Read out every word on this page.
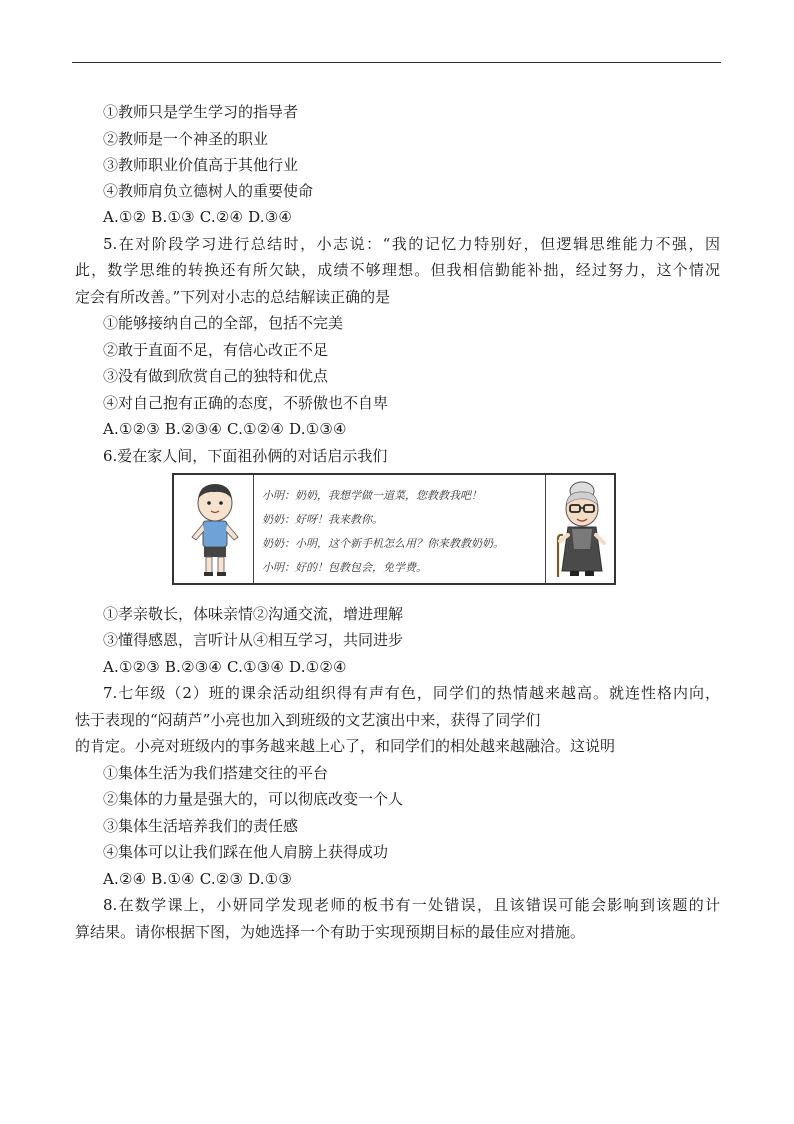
①教师只是学生学习的指导者
②教师是一个神圣的职业
③教师职业价值高于其他行业
④教师肩负立德树人的重要使命
A.①② B.①③ C.②④ D.③④
5.在对阶段学习进行总结时，小志说：“我的记忆力特别好，但逻辑思维能力不强，因
此，数学思维的转换还有所欠缺，成绩不够理想。但我相信勤能补拙，经过努力，这个情况
定会有所改善。”下列对小志的总结解读正确的是
①能够接纳自己的全部，包括不完美
②敢于直面不足，有信心改正不足
③没有做到欣赏自己的独特和优点
④对自己抱有正确的态度，不骄傲也不自卑
A.①②③ B.②③④ C.①②④ D.①③④
6.爱在家人间，下面祖孙俩的对话启示我们
小明：奶奶，我想学做一道菜，您教教我吧！
奶奶：好呀！我来教你。
奶奶：小明，这个新手机怎么用？你来教教奶奶。
小明：好的！包教包会，免学费。
①孝亲敬长，体味亲情②沟通交流，增进理解
③懂得感恩，言听计从④相互学习，共同进步
A.①②③ B.②③④ C.①③④ D.①②④
7.七年级（2）班的课余活动组织得有声有色，同学们的热情越来越高。就连性格内向，
怯于表现的“闷葫芦”小亮也加入到班级的文艺演出中来，获得了同学们
的肯定。小亮对班级内的事务越来越上心了，和同学们的相处越来越融洽。这说明
①集体生活为我们搭建交往的平台
②集体的力量是强大的，可以彻底改变一个人
③集体生活培养我们的责任感
④集体可以让我们踩在他人肩膀上获得成功
A.②④ B.①④ C.②③ D.①③
8.在数学课上，小妍同学发现老师的板书有一处错误，且该错误可能会影响到该题的计
算结果。请你根据下图，为她选择一个有助于实现预期目标的最佳应对措施。
